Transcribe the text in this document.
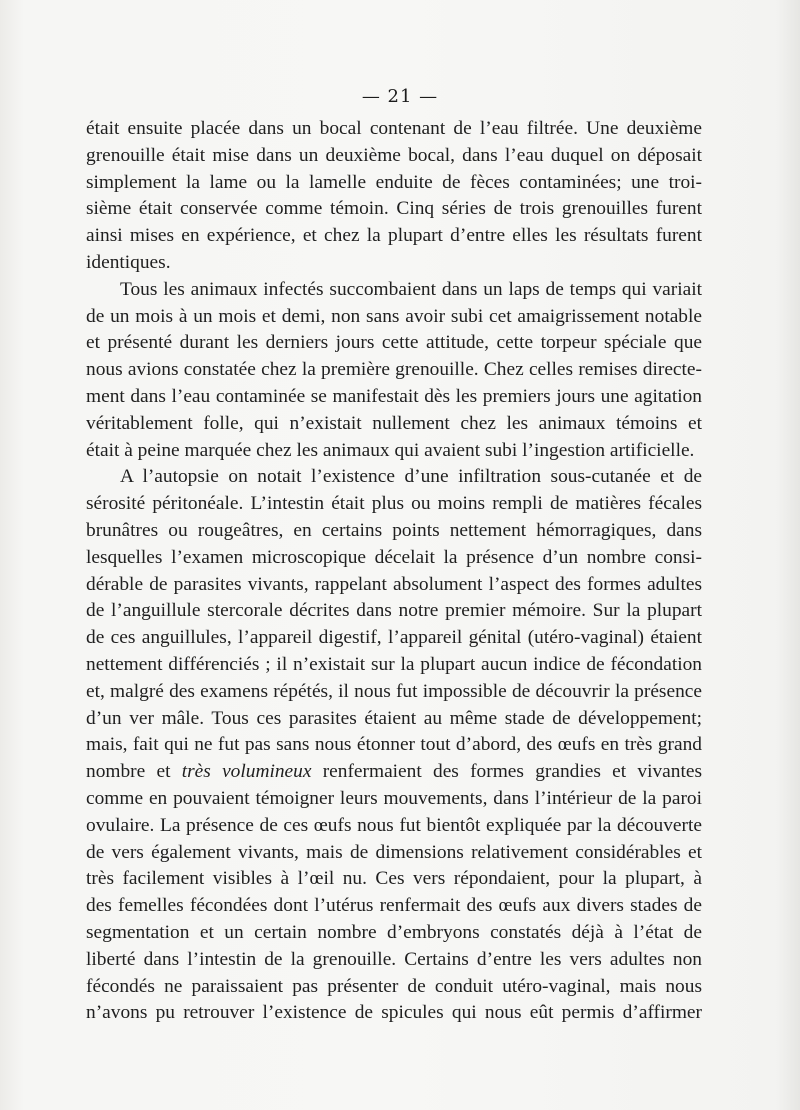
— 21 —
était ensuite placée dans un bocal contenant de l’eau filtrée. Une deuxième
grenouille était mise dans un deuxième bocal, dans l’eau duquel on déposait
simplement la lame ou la lamelle enduite de fèces contaminées; une troi-
sième était conservée comme témoin. Cinq séries de trois grenouilles furent
ainsi mises en expérience, et chez la plupart d’entre elles les résultats furent
identiques.
Tous les animaux infectés succombaient dans un laps de temps qui variait
de un mois à un mois et demi, non sans avoir subi cet amaigrissement notable
et présenté durant les derniers jours cette attitude, cette torpeur spéciale que
nous avions constatée chez la première grenouille. Chez celles remises directe-
ment dans l’eau contaminée se manifestait dès les premiers jours une agitation
véritablement folle, qui n’existait nullement chez les animaux témoins et
était à peine marquée chez les animaux qui avaient subi l’ingestion artificielle.
A l’autopsie on notait l’existence d’une infiltration sous-cutanée et de
sérosité péritonéale. L’intestin était plus ou moins rempli de matières fécales
brunâtres ou rougeâtres, en certains points nettement hémorragiques, dans
lesquelles l’examen microscopique décelait la présence d’un nombre consi-
dérable de parasites vivants, rappelant absolument l’aspect des formes adultes
de l’anguillule stercorale décrites dans notre premier mémoire. Sur la plupart
de ces anguillules, l’appareil digestif, l’appareil génital (utéro-vaginal) étaient
nettement différenciés ; il n’existait sur la plupart aucun indice de fécondation
et, malgré des examens répétés, il nous fut impossible de découvrir la présence
d’un ver mâle. Tous ces parasites étaient au même stade de développement;
mais, fait qui ne fut pas sans nous étonner tout d’abord, des œufs en très grand
nombre et très volumineux renfermaient des formes grandies et vivantes
comme en pouvaient témoigner leurs mouvements, dans l’intérieur de la paroi
ovulaire. La présence de ces œufs nous fut bientôt expliquée par la découverte
de vers également vivants, mais de dimensions relativement considérables et
très facilement visibles à l’œil nu. Ces vers répondaient, pour la plupart, à
des femelles fécondées dont l’utérus renfermait des œufs aux divers stades de
segmentation et un certain nombre d’embryons constatés déjà à l’état de
liberté dans l’intestin de la grenouille. Certains d’entre les vers adultes non
fécondés ne paraissaient pas présenter de conduit utéro-vaginal, mais nous
n’avons pu retrouver l’existence de spicules qui nous eût permis d’affirmer
